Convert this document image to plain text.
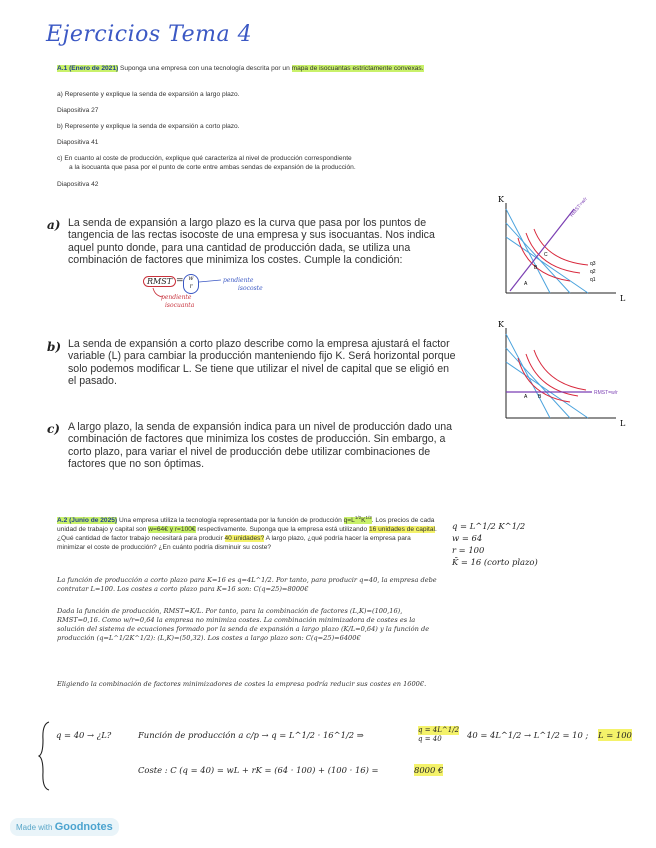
Ejercicios Tema 4
A.1 (Enero de 2021) Suponga una empresa con una tecnología descrita por un mapa de isocuantas estrictamente convexas.
a) Represente y explique la senda de expansión a largo plazo.
Diapositiva 27
b) Represente y explique la senda de expansión a corto plazo.
Diapositiva 41
c) En cuanto al coste de producción, explique qué caracteriza al nivel de producción correspondiente
a la isocuanta que pasa por el punto de corte entre ambas sendas de expansión de la producción.
Diapositiva 42
a) La senda de expansión a largo plazo es la curva que pasa por los puntos de tangencia de las rectas isocoste de una empresa y sus isocuantas. Nos indica aquel punto donde, para una cantidad de producción dada, se utiliza una combinación de factores que minimiza los costes. Cumple la condición:
RMST = w
r
pendiente
isocoste
pendiente
isocuanta
b) La senda de expansión a corto plazo describe como la empresa ajustará el factor variable (L) para cambiar la producción manteniendo fijo K. Será horizontal porque solo podemos modificar L. Se tiene que utilizar el nivel de capital que se eligió en el pasado.
c) A largo plazo, la senda de expansión indica para un nivel de producción dado una combinación de factores que minimiza los costes de producción. Sin embargo, a corto plazo, para variar el nivel de producción debe utilizar combinaciones de factores que no son óptimas.
K
L
RMST=w/r
q1
q2
q3
A
B
C
K
L
RMST=w/r
A B
A.2 (Junio de 2025) Una empresa utiliza la tecnología representada por la función de producción $q=L^{1/2}K^{1/2}$. Los precios de cada unidad de trabajo y capital son w=64€ y r=100€ respectivamente. Suponga que la empresa está utilizando 16 unidades de capital. ¿Qué cantidad de factor trabajo necesitará para producir 40 unidades? A largo plazo, ¿qué podría hacer la empresa para minimizar el coste de producción? ¿En cuánto podría disminuir su coste?
La función de producción a corto plazo para K=16 es q=4L^1/2. Por tanto, para producir q=40, la empresa debe contratar L=100. Los costes a corto plazo para K=16 son: C(q=25)=8000€
Dada la función de producción, RMST=K/L. Por tanto, para la combinación de factores (L,K)=(100,16), RMST=0,16. Como w/r=0,64 la empresa no minimiza costes. La combinación minimizadora de costes es la solución del sistema de ecuaciones formado por la senda de expansión a largo plazo (K/L=0,64) y la función de producción (q=L^1/2K^1/2): (L,K)=(50,32). Los costes a largo plazo son: C(q=25)=6400€
Eligiendo la combinación de factores minimizadores de costes la empresa podría reducir sus costes en 1600€.
q = L^1/2 K^1/2
w = 64
r = 100
K̄ = 16 (corto plazo)
q = 40 → ¿L?	Función de producción a c/p → q = L^1/2 · 16^1/2 ⇒	q = 4L^1/2
q = 40	40 = 4L^1/2 → L^1/2 = 10 ; L = 100
Coste : C (q = 40) = wL + rK = (64 · 100) + (100 · 16) =	8000 €
Made with Goodnotes
